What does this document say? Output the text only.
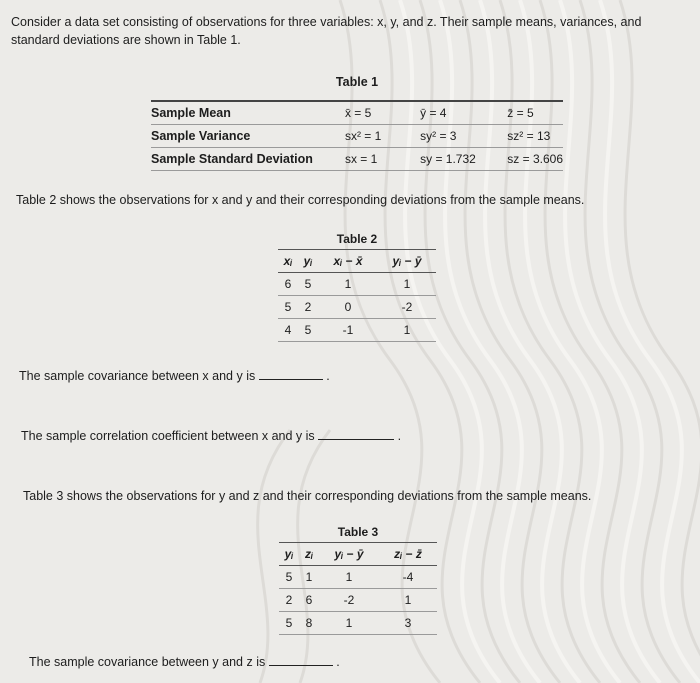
Consider a data set consisting of observations for three variables: x, y, and z. Their sample means, variances, and standard deviations are shown in Table 1.
Table 1			

Sample Mean	x̄ = 5	ȳ = 4	z̄ = 5
Sample Variance	sx² = 1	sy² = 3	sz² = 13
Sample Standard Deviation	sx = 1	sy = 1.732	sz = 3.606
Table 2 shows the observations for x and y and their corresponding deviations from the sample means.
Table 2			
xᵢ	yᵢ	xᵢ − x̄	yᵢ − ȳ
6	5	1	1
5	2	0	-2
4	5	-1	1
The sample covariance between x and y is	.
The sample correlation coefficient between x and y is	.
Table 3 shows the observations for y and z and their corresponding deviations from the sample means.
Table 3			
yᵢ	zᵢ	yᵢ − ȳ	zᵢ − z̄
5	1	1	-4
2	6	-2	1
5	8	1	3
The sample covariance between y and z is	.
